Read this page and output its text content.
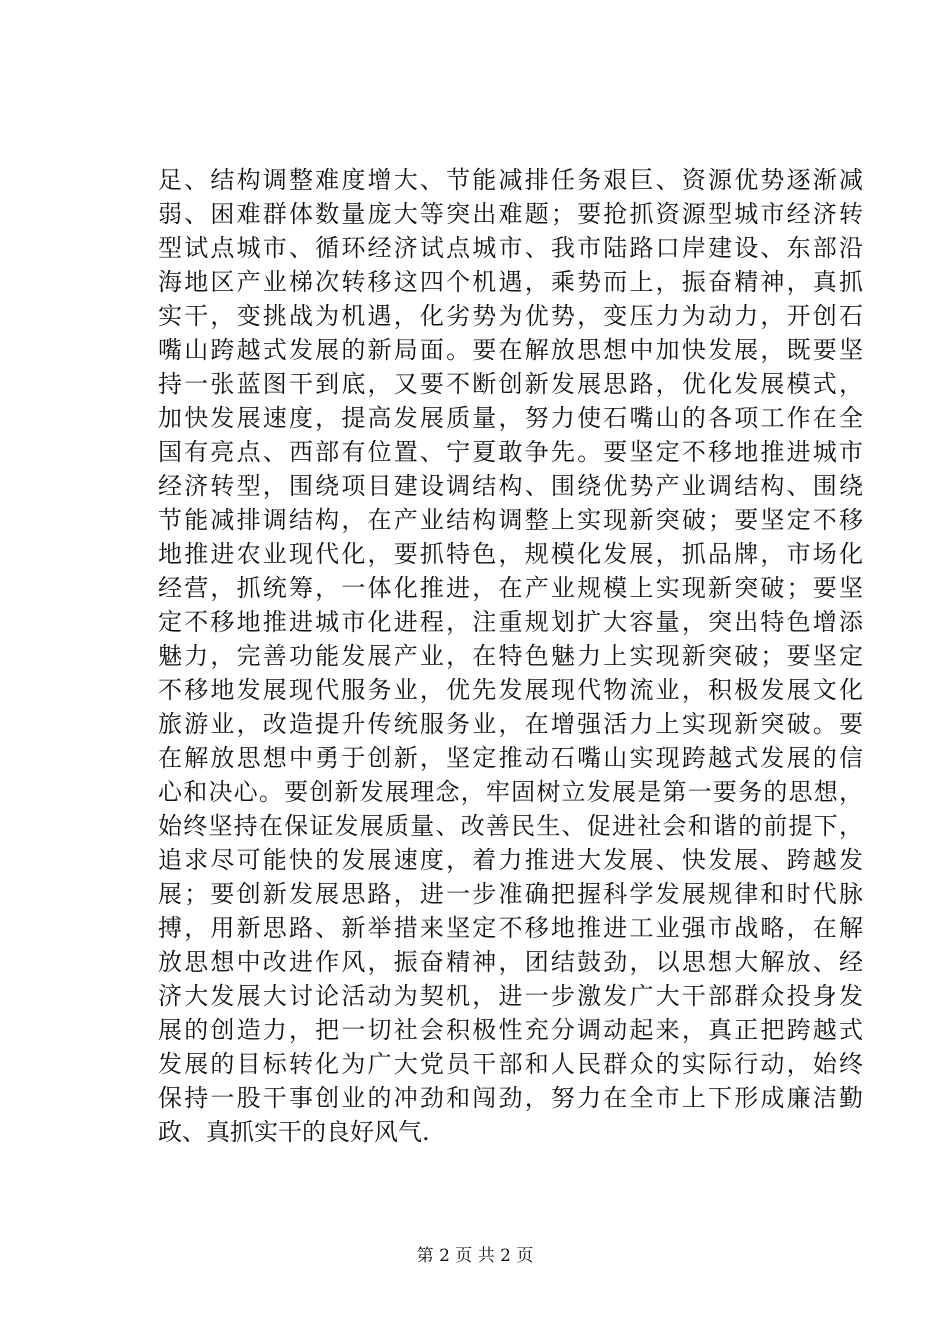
足、结构调整难度增大、节能减排任务艰巨、资源优势逐渐减
弱、困难群体数量庞大等突出难题；要抢抓资源型城市经济转
型试点城市、循环经济试点城市、我市陆路口岸建设、东部沿
海地区产业梯次转移这四个机遇，乘势而上，振奋精神，真抓
实干，变挑战为机遇，化劣势为优势，变压力为动力，开创石
嘴山跨越式发展的新局面。要在解放思想中加快发展，既要坚
持一张蓝图干到底，又要不断创新发展思路，优化发展模式，
加快发展速度，提高发展质量，努力使石嘴山的各项工作在全
国有亮点、西部有位置、宁夏敢争先。要坚定不移地推进城市
经济转型，围绕项目建设调结构、围绕优势产业调结构、围绕
节能减排调结构，在产业结构调整上实现新突破；要坚定不移
地推进农业现代化，要抓特色，规模化发展，抓品牌，市场化
经营，抓统筹，一体化推进，在产业规模上实现新突破；要坚
定不移地推进城市化进程，注重规划扩大容量，突出特色增添
魅力，完善功能发展产业，在特色魅力上实现新突破；要坚定
不移地发展现代服务业，优先发展现代物流业，积极发展文化
旅游业，改造提升传统服务业，在增强活力上实现新突破。要
在解放思想中勇于创新，坚定推动石嘴山实现跨越式发展的信
心和决心。要创新发展理念，牢固树立发展是第一要务的思想，
始终坚持在保证发展质量、改善民生、促进社会和谐的前提下，
追求尽可能快的发展速度，着力推进大发展、快发展、跨越发
展；要创新发展思路，进一步准确把握科学发展规律和时代脉
搏，用新思路、新举措来坚定不移地推进工业强市战略，在解
放思想中改进作风，振奋精神，团结鼓劲，以思想大解放、经
济大发展大讨论活动为契机，进一步激发广大干部群众投身发
展的创造力，把一切社会积极性充分调动起来，真正把跨越式
发展的目标转化为广大党员干部和人民群众的实际行动，始终
保持一股干事创业的冲劲和闯劲，努力在全市上下形成廉洁勤
政、真抓实干的良好风气.
第 2 页 共 2 页
